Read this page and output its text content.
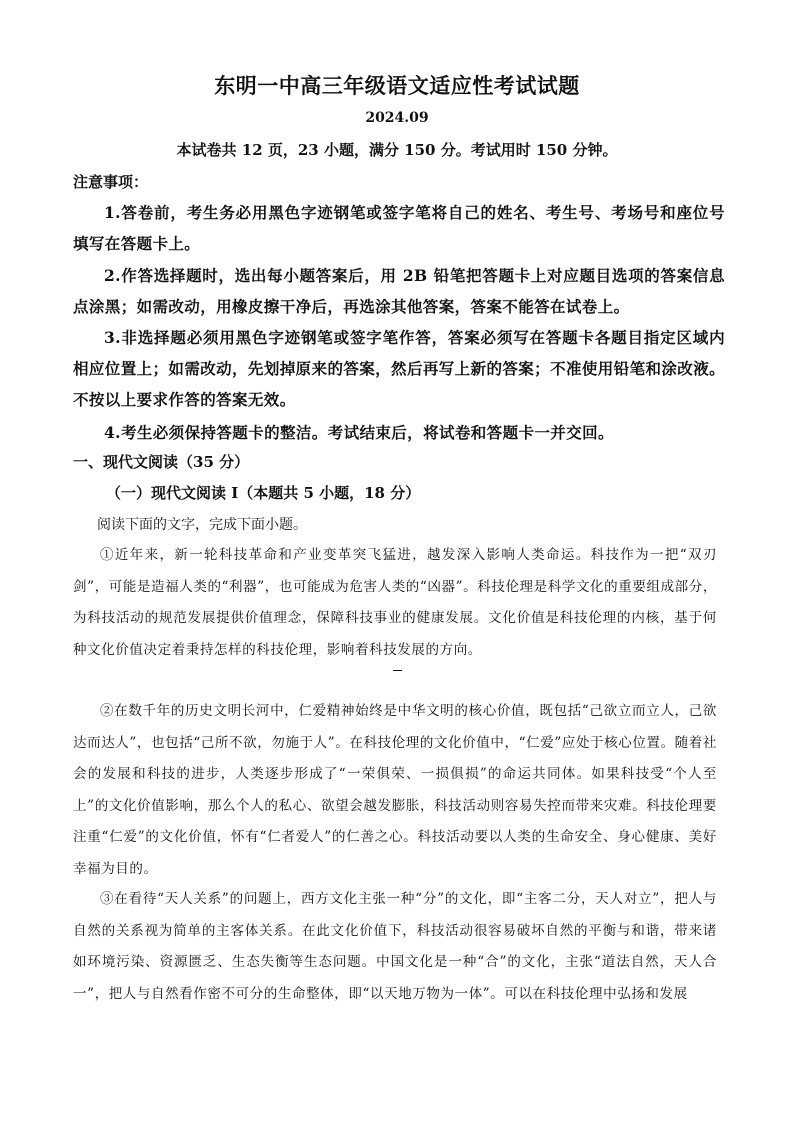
东明一中高三年级语文适应性考试试题
2024.09
本试卷共 12 页，23 小题，满分 150 分。考试用时 150 分钟。
注意事项：
1.答卷前，考生务必用黑色字迹钢笔或签字笔将自己的姓名、考生号、考场号和座位号填写在答题卡上。
2.作答选择题时，选出每小题答案后，用 2B 铅笔把答题卡上对应题目选项的答案信息点涂黑；如需改动，用橡皮擦干净后，再选涂其他答案，答案不能答在试卷上。
3.非选择题必须用黑色字迹钢笔或签字笔作答，答案必须写在答题卡各题目指定区域内相应位置上；如需改动，先划掉原来的答案，然后再写上新的答案；不准使用铅笔和涂改液。不按以上要求作答的答案无效。
4.考生必须保持答题卡的整洁。考试结束后，将试卷和答题卡一并交回。
一、现代文阅读（35 分）
（一）现代文阅读 I（本题共 5 小题，18 分）
阅读下面的文字，完成下面小题。
①近年来，新一轮科技革命和产业变革突飞猛进，越发深入影响人类命运。科技作为一把“双刃剑”，可能是造福人类的“利器”，也可能成为危害人类的“凶器”。科技伦理是科学文化的重要组成部分，为科技活动的规范发展提供价值理念，保障科技事业的健康发展。文化价值是科技伦理的内核，基于何种文化价值决定着秉持怎样的科技伦理，影响着科技发展的方向。
②在数千年的历史文明长河中，仁爱精神始终是中华文明的核心价值，既包括“己欲立而立人，己欲达而达人”，也包括“己所不欲，勿施于人”。在科技伦理的文化价值中，“仁爱”应处于核心位置。随着社会的发展和科技的进步，人类逐步形成了“一荣俱荣、一损俱损”的命运共同体。如果科技受“个人至上”的文化价值影响，那么个人的私心、欲望会越发膨胀，科技活动则容易失控而带来灾难。科技伦理要注重“仁爱”的文化价值，怀有“仁者爱人”的仁善之心。科技活动要以人类的生命安全、身心健康、美好幸福为目的。
③在看待“天人关系”的问题上，西方文化主张一种“分”的文化，即“主客二分，天人对立”，把人与自然的关系视为简单的主客体关系。在此文化价值下，科技活动很容易破坏自然的平衡与和谐，带来诸如环境污染、资源匮乏、生态失衡等生态问题。中国文化是一种“合”的文化，主张“道法自然，天人合一”，把人与自然看作密不可分的生命整体，即“以天地万物为一体”。可以在科技伦理中弘扬和发展
